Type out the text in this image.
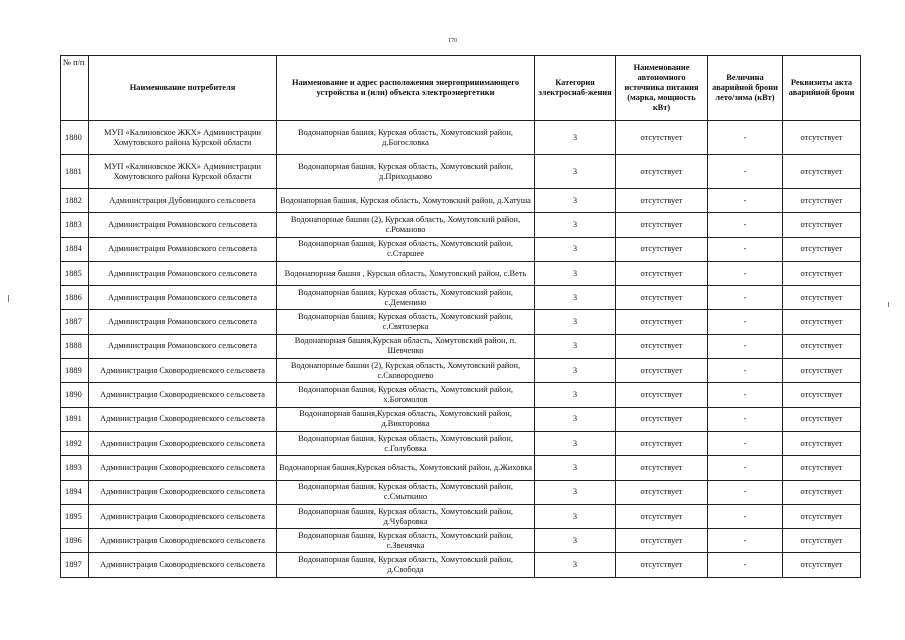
170
№ п/п	Наименование потребителя	Наименование и адрес расположения энергопринимающего устройства и (или) объекта электроэнергетики	Категория электроснаб-жения	Наименование автономного источника питания (марка, мощность кВт)	Величина аварийной брони лето/зима (кВт)	Реквизиты акта аварийной брони
1880	МУП «Калиновское ЖКХ» Администрации Хомутовского района Курской области	Водонапорная башня, Курская область, Хомутовский район, д.Богословка	3	отсутствует	-	отсутствует
1881	МУП «Калиновское ЖКХ» Администрации Хомутовского района Курской области	Водонапорная башня, Курская область, Хомутовский район, д.Приходьково	3	отсутствует	-	отсутствует
1882	Администрация Дубовицкого сельсовета	Водонапорная башня, Курская область, Хомутовский район, д.Хатуша	3	отсутствует	-	отсутствует
1883	Администрация Романовского сельсовета	Водонапорные башни (2), Курская область, Хомутовский район, с.Романово	3	отсутствует	-	отсутствует
1884	Администрация Романовского сельсовета	Водонапорная башня, Курская область, Хомутовский район, с.Старшее	3	отсутствует	-	отсутствует
1885	Администрация Романовского сельсовета	Водонапорная башня , Курская область, Хомутовский район, с.Веть	3	отсутствует	-	отсутствует
1886	Администрация Романовского сельсовета	Водонапорная башня, Курская область, Хомутовский район, с.Деменино	3	отсутствует	-	отсутствует
1887	Администрация Романовского сельсовета	Водонапорная башня, Курская область, Хомутовский район, с.Святозерка	3	отсутствует	-	отсутствует
1888	Администрация Романовского сельсовета	Водонапорная башня,Курская область, Хомутовский район, п. Шевченко	3	отсутствует	-	отсутствует
1889	Администрация Сковородневского сельсовета	Водонапорные башни (2), Курская область, Хомутовский район, с.Сковороднево	3	отсутствует	-	отсутствует
1890	Администрация Сковородневского сельсовета	Водонапорная башня, Курская область, Хомутовский район, х.Богомолов	3	отсутствует	-	отсутствует
1891	Администрация Сковородневского сельсовета	Водонапорная башня,Курская область, Хомутовский район, д.Викторовка	3	отсутствует	-	отсутствует
1892	Администрация Сковородневского сельсовета	Водонапорная башня, Курская область, Хомутовский район, с.Голубовка	3	отсутствует	-	отсутствует
1893	Администрация Сковородневского сельсовета	Водонапорная башня,Курская область, Хомутовский район, д.Жиховка	3	отсутствует	-	отсутствует
1894	Администрация Сковородневского сельсовета	Водонапорная башня, Курская область, Хомутовский район, с.Смыткино	3	отсутствует	-	отсутствует
1895	Администрация Сковородневского сельсовета	Водонапорная башня, Курская область, Хомутовский район, д.Чубаровка	3	отсутствует	-	отсутствует
1896	Администрация Сковородневского сельсовета	Водонапорная башня, Курская область, Хомутовский район, с.Звенячка	3	отсутствует	-	отсутствует
1897	Администрация Сковородневского сельсовета	Водонапорная башня, Курская область, Хомутовский район, д.Свобода	3	отсутствует	-	отсутствует
